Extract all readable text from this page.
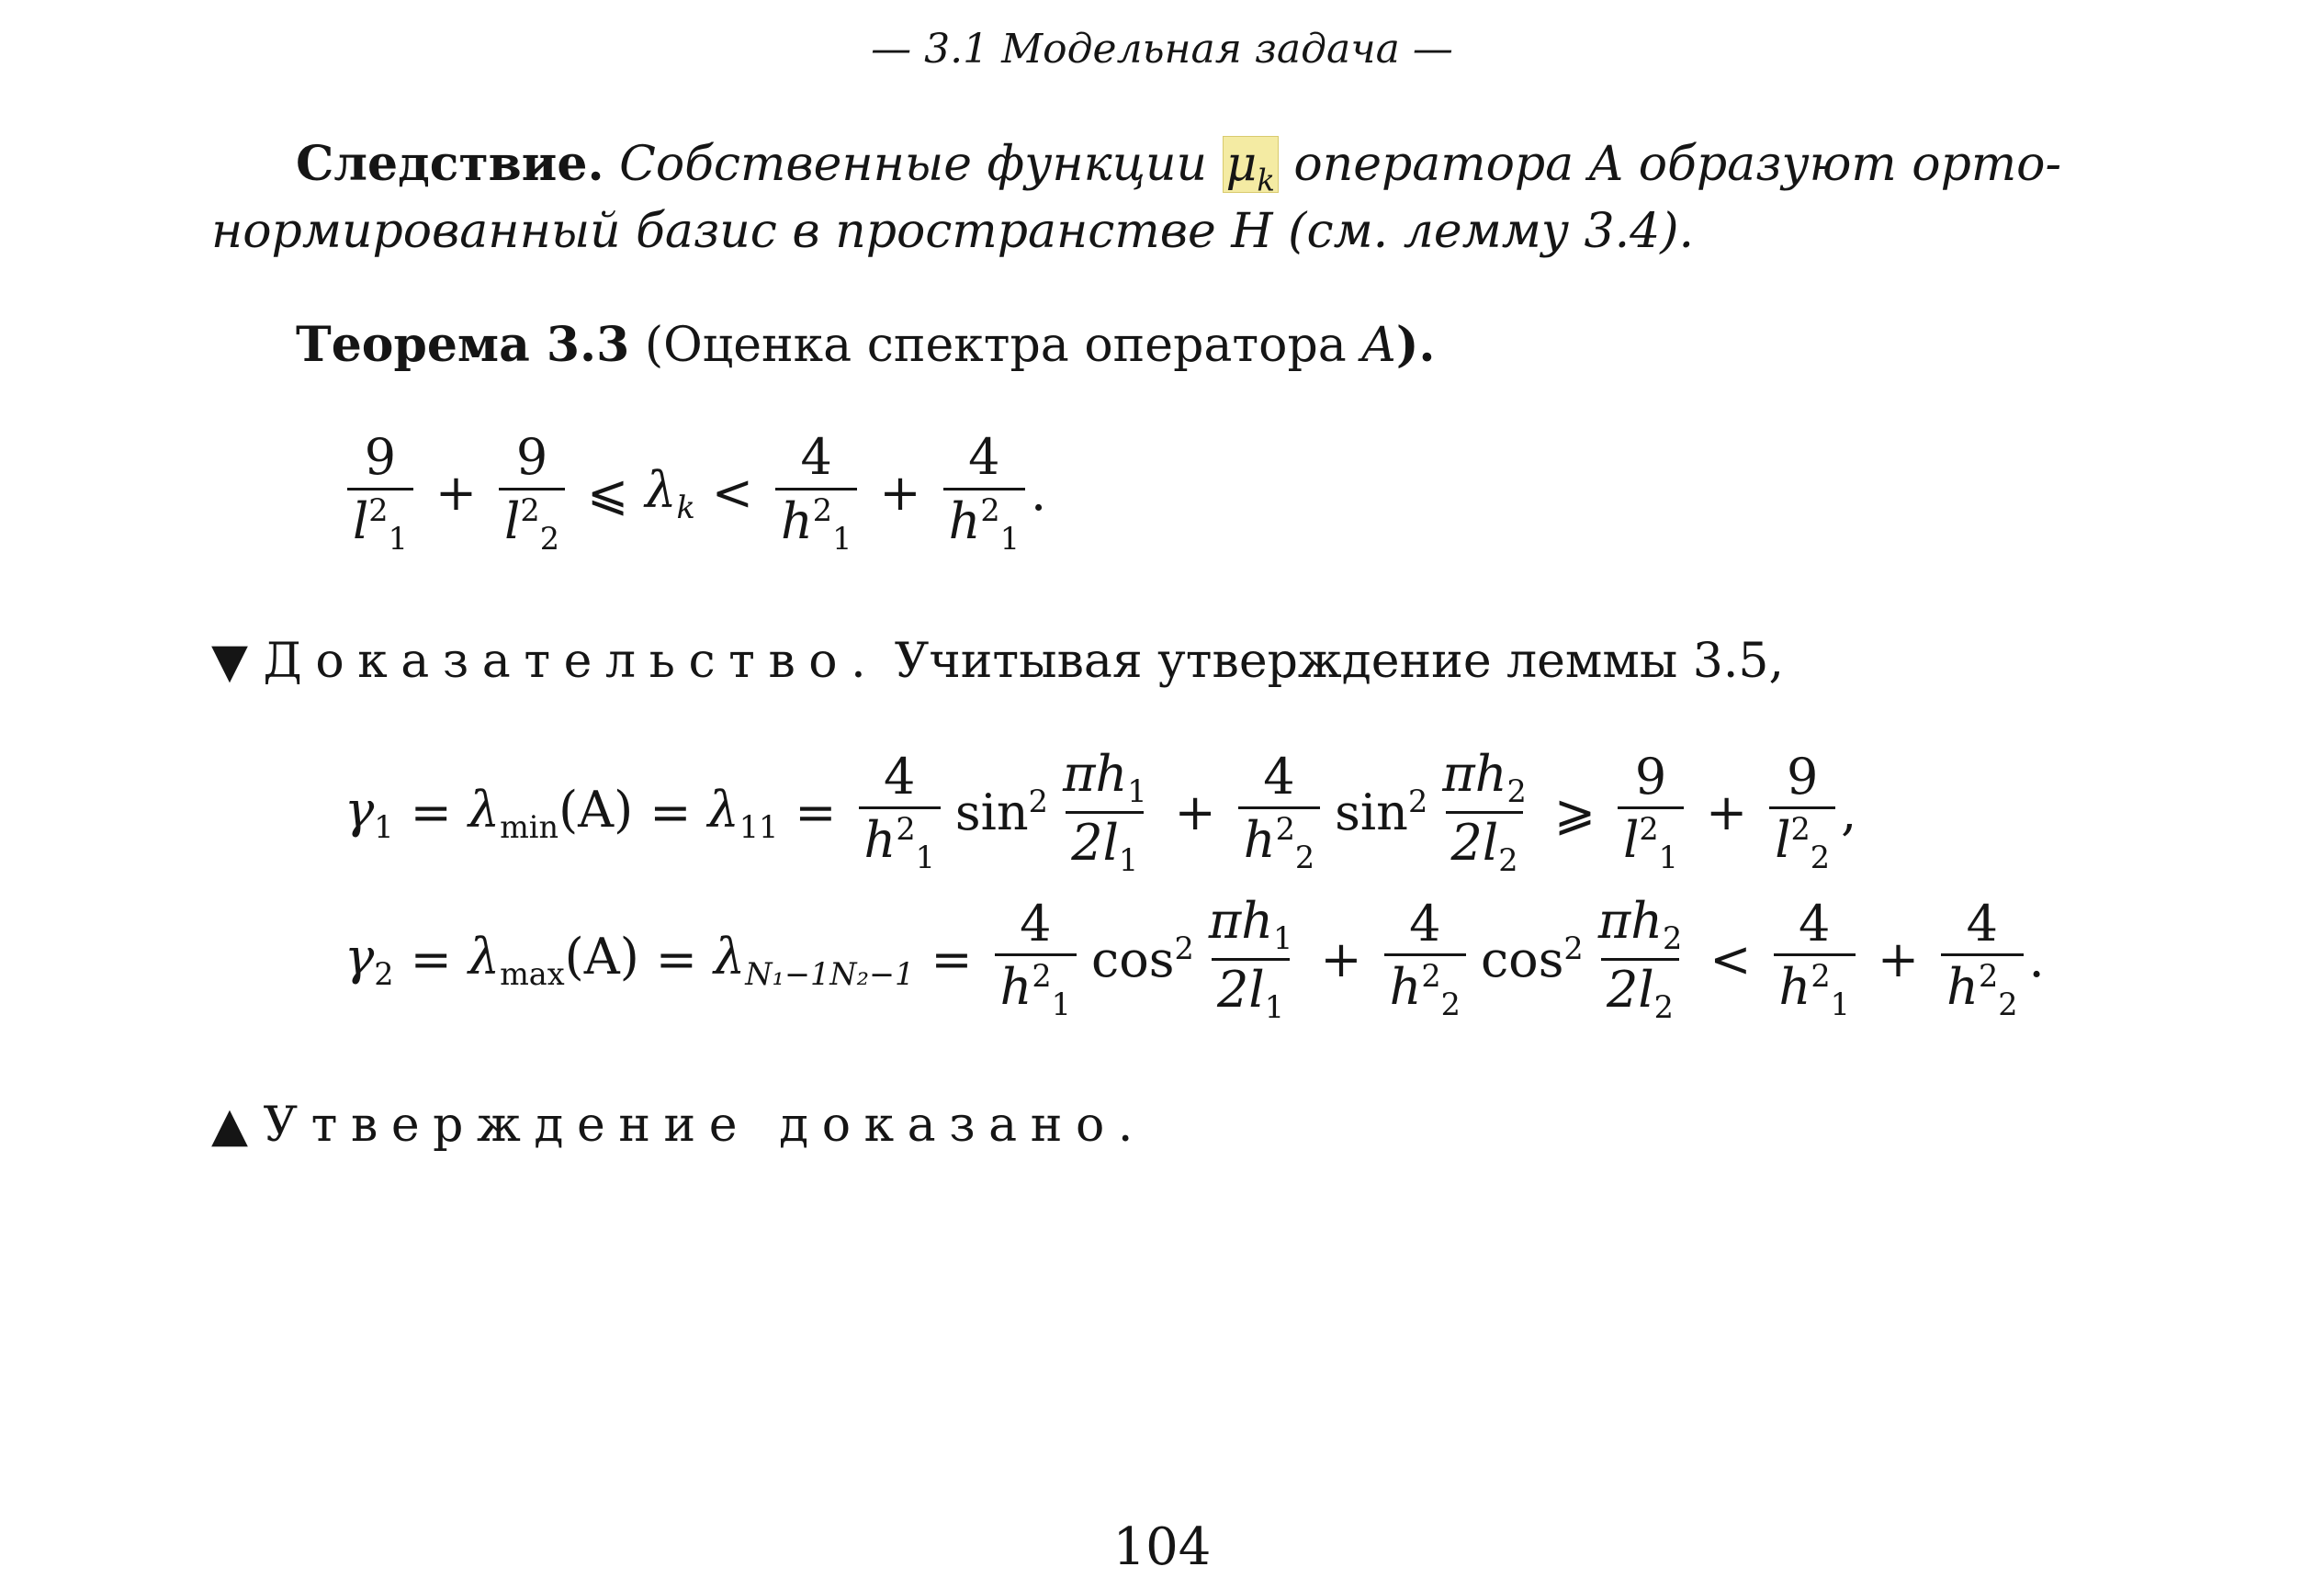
— 3.1 Модельная задача —
Следствие. Собственные функции $\mu_k$ оператора A образуют орто-
нормированный базис в пространстве H (см. лемму 3.4).
Теорема 3.3 (Оценка спектра оператора A).
$\frac{9}{l^2_1} + \frac{9}{l^2_2}$ ⩽ $\lambda_k < \frac{4}{h^2_1} + \frac{4}{h^2_1}$ .
▼ Доказательство. Учитывая утверждение леммы 3.5,
$\gamma_1 = \lambda_{min}(A) = \lambda_{11} = \frac{4}{h^2_1} \sin^2 \frac{\pi h_1}{2l_1} + \frac{4}{h^2_2} \sin^2 \frac{\pi h_2}{2l_2}$ ⩾ $\frac{9}{l^2_1} + \frac{9}{l^2_2}$ ,
$\gamma_2 = \lambda_{max}(A) = \lambda_{N_1-1N_2-1} = \frac{4}{h^2_1} \cos^2 \frac{\pi h_1}{2l_1} + \frac{4}{h^2_2} \cos^2 \frac{\pi h_2}{2l_2} < \frac{4}{h^2_1} + \frac{4}{h^2_2}$ .
▲ Утверждение доказано.
104
